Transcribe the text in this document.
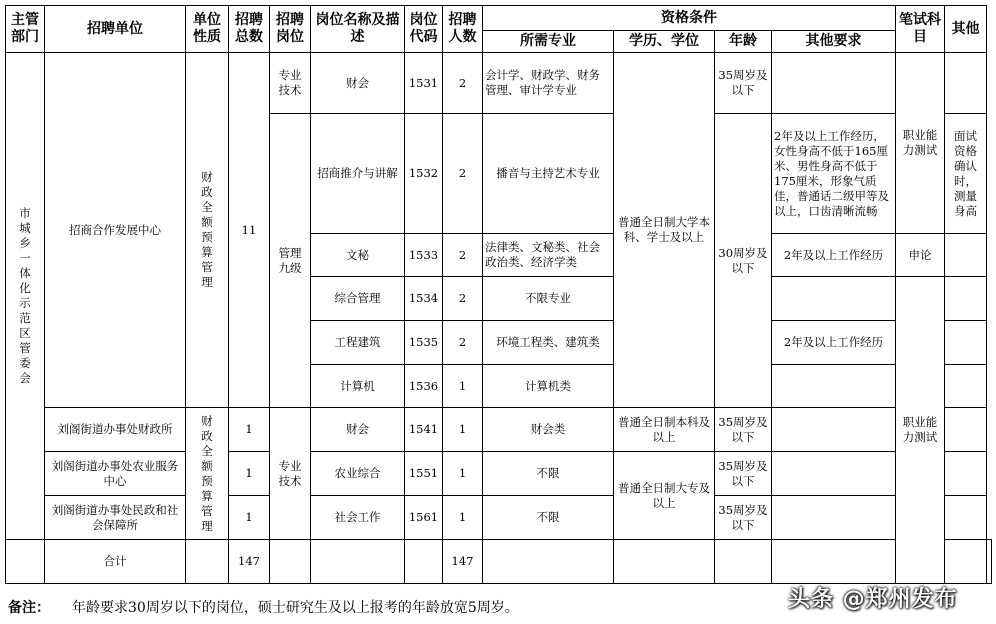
主管部门	招聘单位	单位性质	招聘总数	招聘岗位	岗位名称及描述	岗位代码	招聘人数	资格条件				笔试科目	其他	
								所需专业	学历、学位	年龄	其他要求			
市城乡一体化示范区管委会	招商合作发展中心	财政全额预算管理	11	专业技术	财会	1531	2	会计学、财政学、财务管理、审计学专业	普通全日制大学本科、学士及以上	35周岁及以下		职业能力测试		
				管理九级	招商推介与讲解	1532	2	播音与主持艺术专业		30周岁及以下	2年及以上工作经历，女性身高不低于165厘米、男性身高不低于175厘米，形象气质佳，普通话二级甲等及以上，口齿清晰流畅		面试资格确认时，测量身高	
					文秘	1533	2	法律类、文秘类、社会政治类、经济学类			2年及以上工作经历	申论		
					综合管理	1534	2	不限专业				职业能力测试		
					工程建筑	1535	2	环境工程类、建筑类			2年及以上工作经历			
					计算机	1536	1	计算机类						
	刘阁街道办事处财政所	财政全额预算管理	1	专业技术	财会	1541	1	财会类	普通全日制本科及以上	35周岁及以下				
	刘阁街道办事处农业服务中心		1		农业综合	1551	1	不限	普通全日制大专及以上	35周岁及以下				
	刘阁街道办事处民政和社会保障所		1		社会工作	1561	1	不限		35周岁及以下				
	合计		147				147							
备注： 年龄要求30周岁以下的岗位，硕士研究生及以上报考的年龄放宽5周岁。	头条 @郑州发布
